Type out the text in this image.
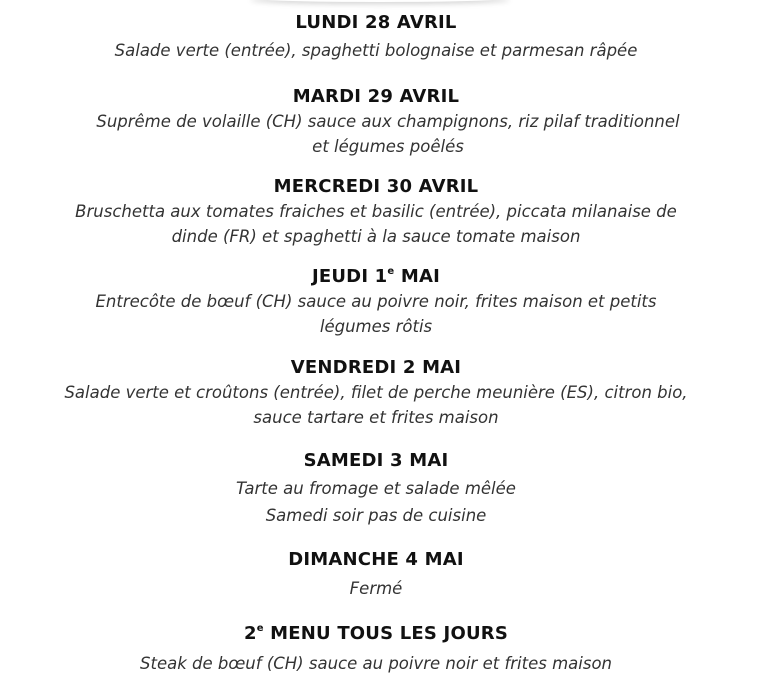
LUNDI 28 AVRIL
Salade verte (entrée), spaghetti bolognaise et parmesan râpée
MARDI 29 AVRIL
Suprême de volaille (CH) sauce aux champignons, riz pilaf traditionnel
et légumes poêlés
MERCREDI 30 AVRIL
Bruschetta aux tomates fraiches et basilic (entrée), piccata milanaise de
dinde (FR) et spaghetti à la sauce tomate maison
JEUDI 1e MAI
Entrecôte de bœuf (CH) sauce au poivre noir, frites maison et petits
légumes rôtis
VENDREDI 2 MAI
Salade verte et croûtons (entrée), filet de perche meunière (ES), citron bio,
sauce tartare et frites maison
SAMEDI 3 MAI
Tarte au fromage et salade mêlée
Samedi soir pas de cuisine
DIMANCHE 4 MAI
Fermé
2e MENU TOUS LES JOURS
Steak de bœuf (CH) sauce au poivre noir et frites maison
